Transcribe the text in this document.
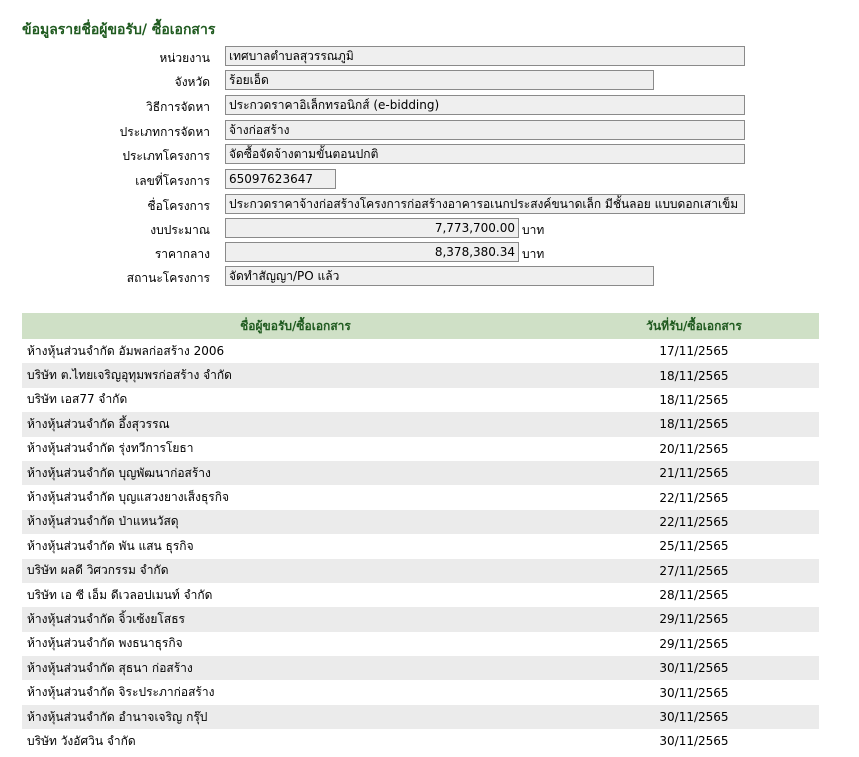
ข้อมูลรายชื่อผู้ขอรับ/ ซื้อเอกสาร
หน่วยงาน	เทศบาลตำบลสุวรรณภูมิ
จังหวัด	ร้อยเอ็ด
วิธีการจัดหา	ประกวดราคาอิเล็กทรอนิกส์ (e-bidding)
ประเภทการจัดหา	จ้างก่อสร้าง
ประเภทโครงการ	จัดซื้อจัดจ้างตามขั้นตอนปกติ
เลขที่โครงการ	65097623647
ชื่อโครงการ	ประกวดราคาจ้างก่อสร้างโครงการก่อสร้างอาคารอเนกประสงค์ขนาดเล็ก มีชั้นลอย แบบดอกเสาเข็ม
งบประมาณ	7,773,700.00 บาท
ราคากลาง	8,378,380.34 บาท
สถานะโครงการ	จัดทำสัญญา/PO แล้ว
ชื่อผู้ขอรับ/ซื้อเอกสาร	วันที่รับ/ซื้อเอกสาร
ห้างหุ้นส่วนจำกัด อัมพลก่อสร้าง 2006	17/11/2565
บริษัท ต.ไทยเจริญอุทุมพรก่อสร้าง จำกัด	18/11/2565
บริษัท เอส77 จำกัด	18/11/2565
ห้างหุ้นส่วนจำกัด อึ้งสุวรรณ	18/11/2565
ห้างหุ้นส่วนจำกัด รุ่งทวีการโยธา	20/11/2565
ห้างหุ้นส่วนจำกัด บุญพัฒนาก่อสร้าง	21/11/2565
ห้างหุ้นส่วนจำกัด บุญแสวงยางเส็งธุรกิจ	22/11/2565
ห้างหุ้นส่วนจำกัด ป่าแหนวัสดุ	22/11/2565
ห้างหุ้นส่วนจำกัด พัน แสน ธุรกิจ	25/11/2565
บริษัท ผลดี วิศวกรรม จำกัด	27/11/2565
บริษัท เอ ซี เอ็ม ดีเวลอปเมนท์ จำกัด	28/11/2565
ห้างหุ้นส่วนจำกัด จิ้วเซ้งยโสธร	29/11/2565
ห้างหุ้นส่วนจำกัด พงธนาธุรกิจ	29/11/2565
ห้างหุ้นส่วนจำกัด สุธนา ก่อสร้าง	30/11/2565
ห้างหุ้นส่วนจำกัด จิระประภาก่อสร้าง	30/11/2565
ห้างหุ้นส่วนจำกัด อำนาจเจริญ กรุ๊ป	30/11/2565
บริษัท วังอัศวิน จำกัด	30/11/2565
